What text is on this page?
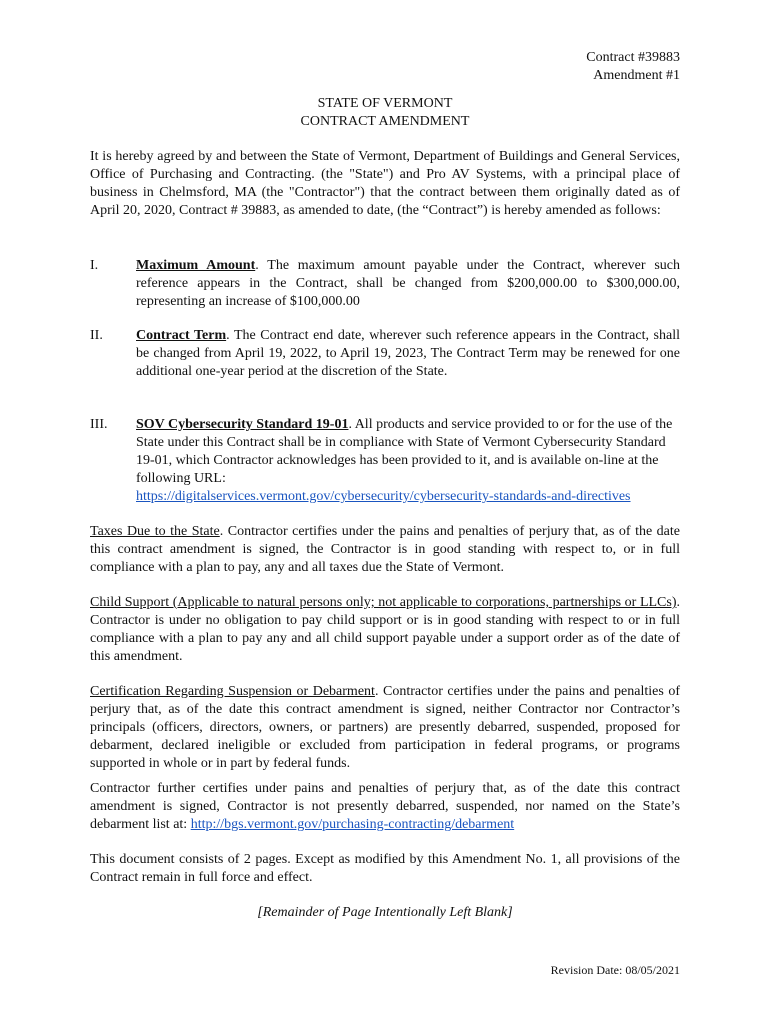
Contract #39883
Amendment #1
STATE OF VERMONT
CONTRACT AMENDMENT
It is hereby agreed by and between the State of Vermont, Department of Buildings and General Services, Office of Purchasing and Contracting. (the "State") and Pro AV Systems, with a principal place of business in Chelmsford, MA (the "Contractor") that the contract between them originally dated as of April 20, 2020, Contract # 39883, as amended to date, (the “Contract”) is hereby amended as follows:
I.	Maximum Amount. The maximum amount payable under the Contract, wherever such reference appears in the Contract, shall be changed from $200,000.00 to $300,000.00, representing an increase of $100,000.00
II.	Contract Term. The Contract end date, wherever such reference appears in the Contract, shall be changed from April 19, 2022, to April 19, 2023, The Contract Term may be renewed for one additional one-year period at the discretion of the State.
III.	SOV Cybersecurity Standard 19-01. All products and service provided to or for the use of the State under this Contract shall be in compliance with State of Vermont Cybersecurity Standard 19-01, which Contractor acknowledges has been provided to it, and is available on-line at the following URL:
https://digitalservices.vermont.gov/cybersecurity/cybersecurity-standards-and-directives
Taxes Due to the State. Contractor certifies under the pains and penalties of perjury that, as of the date this contract amendment is signed, the Contractor is in good standing with respect to, or in full compliance with a plan to pay, any and all taxes due the State of Vermont.
Child Support (Applicable to natural persons only; not applicable to corporations, partnerships or LLCs). Contractor is under no obligation to pay child support or is in good standing with respect to or in full compliance with a plan to pay any and all child support payable under a support order as of the date of this amendment.
Certification Regarding Suspension or Debarment. Contractor certifies under the pains and penalties of perjury that, as of the date this contract amendment is signed, neither Contractor nor Contractor’s principals (officers, directors, owners, or partners) are presently debarred, suspended, proposed for debarment, declared ineligible or excluded from participation in federal programs, or programs supported in whole or in part by federal funds.
Contractor further certifies under pains and penalties of perjury that, as of the date this contract amendment is signed, Contractor is not presently debarred, suspended, nor named on the State’s debarment list at: http://bgs.vermont.gov/purchasing-contracting/debarment
This document consists of 2 pages. Except as modified by this Amendment No. 1, all provisions of the Contract remain in full force and effect.
[Remainder of Page Intentionally Left Blank]
Revision Date: 08/05/2021
